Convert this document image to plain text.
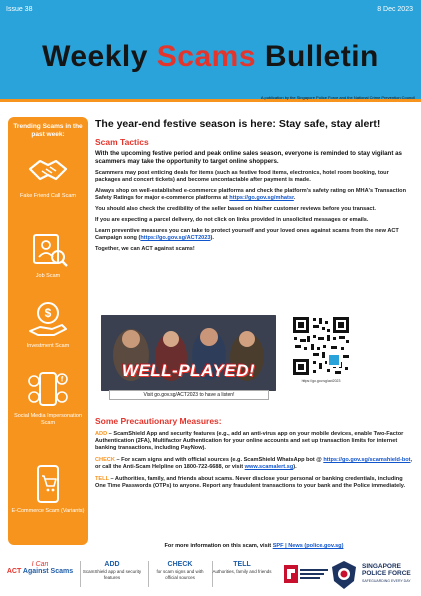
Issue 38	8 Dec 2023
Weekly Scams Bulletin
A publication by the Singapore Police Force and the National Crime Prevention Council
Trending Scams in the past week:
Fake Friend Call Scam
Job Scam
$
Investment Scam
f
Social Media Impersonation Scam
E-Commerce Scam (Variants)
The year-end festive season is here: Stay safe, stay alert!
Scam Tactics
With the upcoming festive period and peak online sales season, everyone is reminded to stay vigilant as scammers may take the opportunity to target online shoppers.
Scammers may post enticing deals for items (such as festive food items, electronics, hotel room booking, tour packages and concert tickets) and become uncontactable after payment is made.
Always shop on well-established e-commerce platforms and check the platform's safety rating on MHA's Transaction Safety Ratings for major e-commerce platforms at https://go.gov.sg/mhatsr.
You should also check the credibility of the seller based on his/her customer reviews before you transact.
If you are expecting a parcel delivery, do not click on links provided in unsolicited messages or emails.
Learn preventive measures you can take to protect yourself and your loved ones against scams from the new ACT Campaign song (https://go.gov.sg/ACT2023).
Together, we can ACT against scams!
WELL-PLAYED!
Visit go.gov.sg/ACT2023 to have a listen!
https://go.gov.sg/act2023
Some Precautionary Measures:
ADD – ScamShield App and security features (e.g., add an anti-virus app on your mobile devices, enable Two-Factor Authentication (2FA), Multifactor Authentication for your online accounts and set up transaction limits for internet banking transactions, including PayNow).
CHECK – For scam signs and with official sources (e.g. ScamShield WhatsApp bot @ https://go.gov.sg/scamshield-bot, or call the Anti-Scam Helpline on 1800-722-6688, or visit www.scamalert.sg).
TELL – Authorities, family, and friends about scams. Never disclose your personal or banking credentials, including One Time Passwords (OTPs) to anyone. Report any fraudulent transactions to your bank and the Police immediately.
For more information on this scam, visit SPF | News (police.gov.sg)
I Can
ACT Against Scams
ADD
ScamShield app and security features
CHECK
for scam signs and with official sources
TELL
Authorities, family and friends
SINGAPORE
POLICE FORCE
SAFEGUARDING EVERY DAY
